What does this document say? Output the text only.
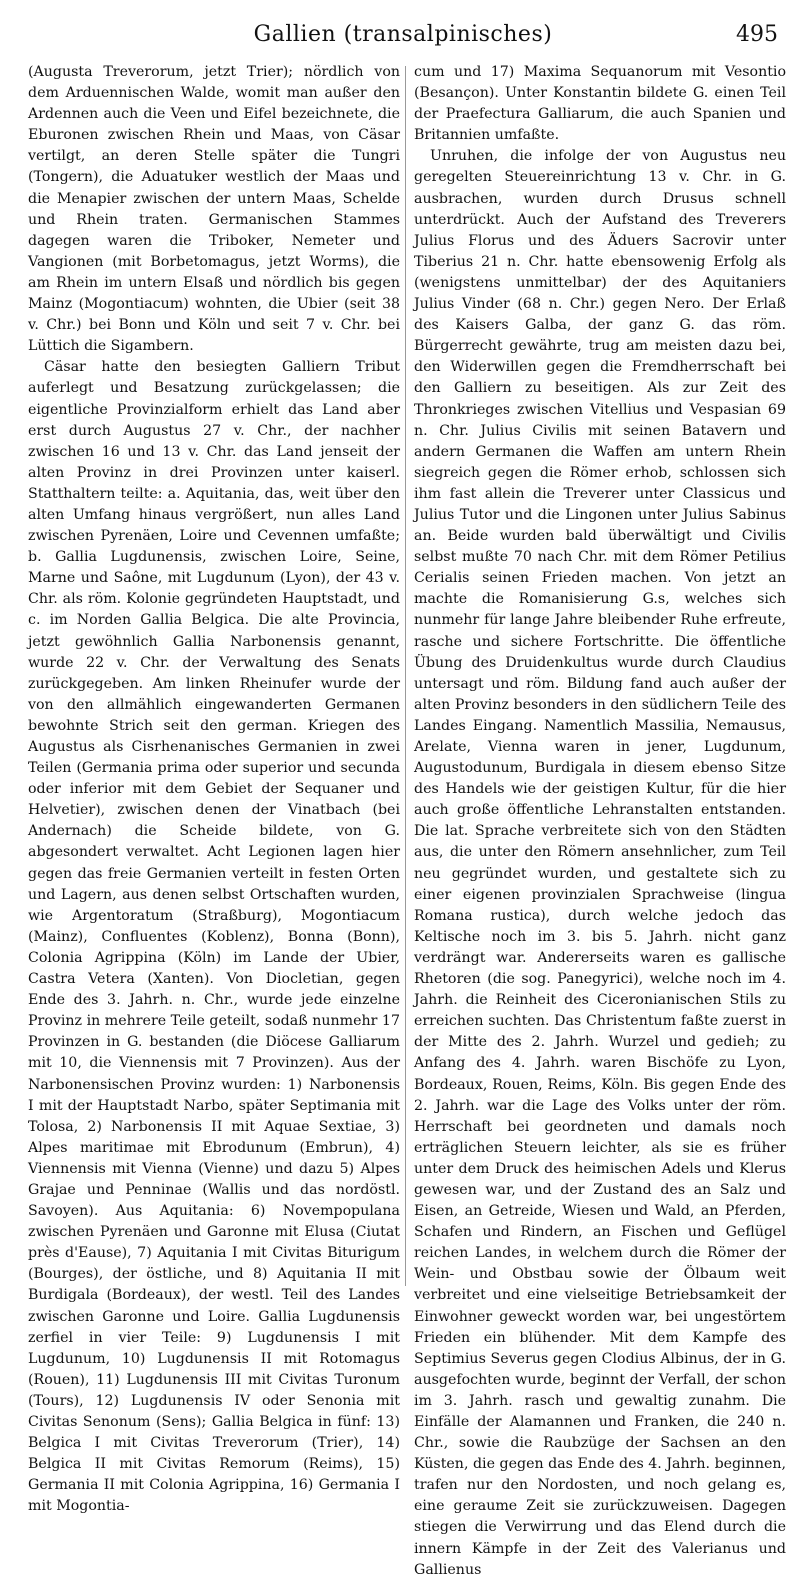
Gallien (transalpinisches)	495

(Augusta Treverorum, jetzt Trier); nördlich von dem Arduennischen Walde, womit man außer den Ardennen auch die Veen und Eifel bezeichnete, die Eburonen zwischen Rhein und Maas, von Cäsar vertilgt, an deren Stelle später die Tungri (Tongern), die Aduatuker westlich der Maas und die Menapier zwischen der untern Maas, Schelde und Rhein traten. Germanischen Stammes dagegen waren die Triboker, Nemeter und Vangionen (mit Borbetomagus, jetzt Worms), die am Rhein im untern Elsaß und nördlich bis gegen Mainz (Mogontiacum) wohnten, die Ubier (seit 38 v. Chr.) bei Bonn und Köln und seit 7 v. Chr. bei Lüttich die Sigambern.

Cäsar hatte den besiegten Galliern Tribut auferlegt und Besatzung zurückgelassen; die eigentliche Provinzialform erhielt das Land aber erst durch Augustus 27 v. Chr., der nachher zwischen 16 und 13 v. Chr. das Land jenseit der alten Provinz in drei Provinzen unter kaiserl. Statthaltern teilte: a. Aquitania, das, weit über den alten Umfang hinaus vergrößert, nun alles Land zwischen Pyrenäen, Loire und Cevennen umfaßte; b. Gallia Lugdunensis, zwischen Loire, Seine, Marne und Saône, mit Lugdunum (Lyon), der 43 v. Chr. als röm. Kolonie gegründeten Hauptstadt, und c. im Norden Gallia Belgica. Die alte Provincia, jetzt gewöhnlich Gallia Narbonensis genannt, wurde 22 v. Chr. der Verwaltung des Senats zurückgegeben. Am linken Rheinufer wurde der von den allmählich eingewanderten Germanen bewohnte Strich seit den german. Kriegen des Augustus als Cisrhenanisches Germanien in zwei Teilen (Germania prima oder superior und secunda oder inferior mit dem Gebiet der Sequaner und Helvetier), zwischen denen der Vinatbach (bei Andernach) die Scheide bildete, von G. abgesondert verwaltet. Acht Legionen lagen hier gegen das freie Germanien verteilt in festen Orten und Lagern, aus denen selbst Ortschaften wurden, wie Argentoratum (Straßburg), Mogontiacum (Mainz), Confluentes (Koblenz), Bonna (Bonn), Colonia Agrippina (Köln) im Lande der Ubier, Castra Vetera (Xanten). Von Diocletian, gegen Ende des 3. Jahrh. n. Chr., wurde jede einzelne Provinz in mehrere Teile geteilt, sodaß nunmehr 17 Provinzen in G. bestanden (die Diöcese Galliarum mit 10, die Viennensis mit 7 Provinzen). Aus der Narbonensischen Provinz wurden: 1) Narbonensis I mit der Hauptstadt Narbo, später Septimania mit Tolosa, 2) Narbonensis II mit Aquae Sextiae, 3) Alpes maritimae mit Ebrodunum (Embrun), 4) Viennensis mit Vienna (Vienne) und dazu 5) Alpes Grajae und Penninae (Wallis und das nordöstl. Savoyen). Aus Aquitania: 6) Novempopulana zwischen Pyrenäen und Garonne mit Elusa (Ciutat près d'Eause), 7) Aquitania I mit Civitas Biturigum (Bourges), der östliche, und 8) Aquitania II mit Burdigala (Bordeaux), der westl. Teil des Landes zwischen Garonne und Loire. Gallia Lugdunensis zerfiel in vier Teile: 9) Lugdunensis I mit Lugdunum, 10) Lugdunensis II mit Rotomagus (Rouen), 11) Lugdunensis III mit Civitas Turonum (Tours), 12) Lugdunensis IV oder Senonia mit Civitas Senonum (Sens); Gallia Belgica in fünf: 13) Belgica I mit Civitas Treverorum (Trier), 14) Belgica II mit Civitas Remorum (Reims), 15) Germania II mit Colonia Agrippina, 16) Germania I mit Mogontia-

cum und 17) Maxima Sequanorum mit Vesontio (Besançon). Unter Konstantin bildete G. einen Teil der Praefectura Galliarum, die auch Spanien und Britannien umfaßte.

Unruhen, die infolge der von Augustus neu geregelten Steuereinrichtung 13 v. Chr. in G. ausbrachen, wurden durch Drusus schnell unterdrückt. Auch der Aufstand des Treverers Julius Florus und des Äduers Sacrovir unter Tiberius 21 n. Chr. hatte ebensowenig Erfolg als (wenigstens unmittelbar) der des Aquitaniers Julius Vinder (68 n. Chr.) gegen Nero. Der Erlaß des Kaisers Galba, der ganz G. das röm. Bürgerrecht gewährte, trug am meisten dazu bei, den Widerwillen gegen die Fremdherrschaft bei den Galliern zu beseitigen. Als zur Zeit des Thronkrieges zwischen Vitellius und Vespasian 69 n. Chr. Julius Civilis mit seinen Batavern und andern Germanen die Waffen am untern Rhein siegreich gegen die Römer erhob, schlossen sich ihm fast allein die Treverer unter Classicus und Julius Tutor und die Lingonen unter Julius Sabinus an. Beide wurden bald überwältigt und Civilis selbst mußte 70 nach Chr. mit dem Römer Petilius Cerialis seinen Frieden machen. Von jetzt an machte die Romanisierung G.s, welches sich nunmehr für lange Jahre bleibender Ruhe erfreute, rasche und sichere Fortschritte. Die öffentliche Übung des Druidenkultus wurde durch Claudius untersagt und röm. Bildung fand auch außer der alten Provinz besonders in den südlichern Teile des Landes Eingang. Namentlich Massilia, Nemausus, Arelate, Vienna waren in jener, Lugdunum, Augustodunum, Burdigala in diesem ebenso Sitze des Handels wie der geistigen Kultur, für die hier auch große öffentliche Lehranstalten entstanden. Die lat. Sprache verbreitete sich von den Städten aus, die unter den Römern ansehnlicher, zum Teil neu gegründet wurden, und gestaltete sich zu einer eigenen provinzialen Sprachweise (lingua Romana rustica), durch welche jedoch das Keltische noch im 3. bis 5. Jahrh. nicht ganz verdrängt war. Andererseits waren es gallische Rhetoren (die sog. Panegyrici), welche noch im 4. Jahrh. die Reinheit des Ciceronianischen Stils zu erreichen suchten. Das Christentum faßte zuerst in der Mitte des 2. Jahrh. Wurzel und gedieh; zu Anfang des 4. Jahrh. waren Bischöfe zu Lyon, Bordeaux, Rouen, Reims, Köln. Bis gegen Ende des 2. Jahrh. war die Lage des Volks unter der röm. Herrschaft bei geordneten und damals noch erträglichen Steuern leichter, als sie es früher unter dem Druck des heimischen Adels und Klerus gewesen war, und der Zustand des an Salz und Eisen, an Getreide, Wiesen und Wald, an Pferden, Schafen und Rindern, an Fischen und Geflügel reichen Landes, in welchem durch die Römer der Wein- und Obstbau sowie der Ölbaum weit verbreitet und eine vielseitige Betriebsamkeit der Einwohner geweckt worden war, bei ungestörtem Frieden ein blühender. Mit dem Kampfe des Septimius Severus gegen Clodius Albinus, der in G. ausgefochten wurde, beginnt der Verfall, der schon im 3. Jahrh. rasch und gewaltig zunahm. Die Einfälle der Alamannen und Franken, die 240 n. Chr., sowie die Raubzüge der Sachsen an den Küsten, die gegen das Ende des 4. Jahrh. beginnen, trafen nur den Nordosten, und noch gelang es, eine geraume Zeit sie zurückzuweisen. Dagegen stiegen die Verwirrung und das Elend durch die innern Kämpfe in der Zeit des Valerianus und Gallienus
